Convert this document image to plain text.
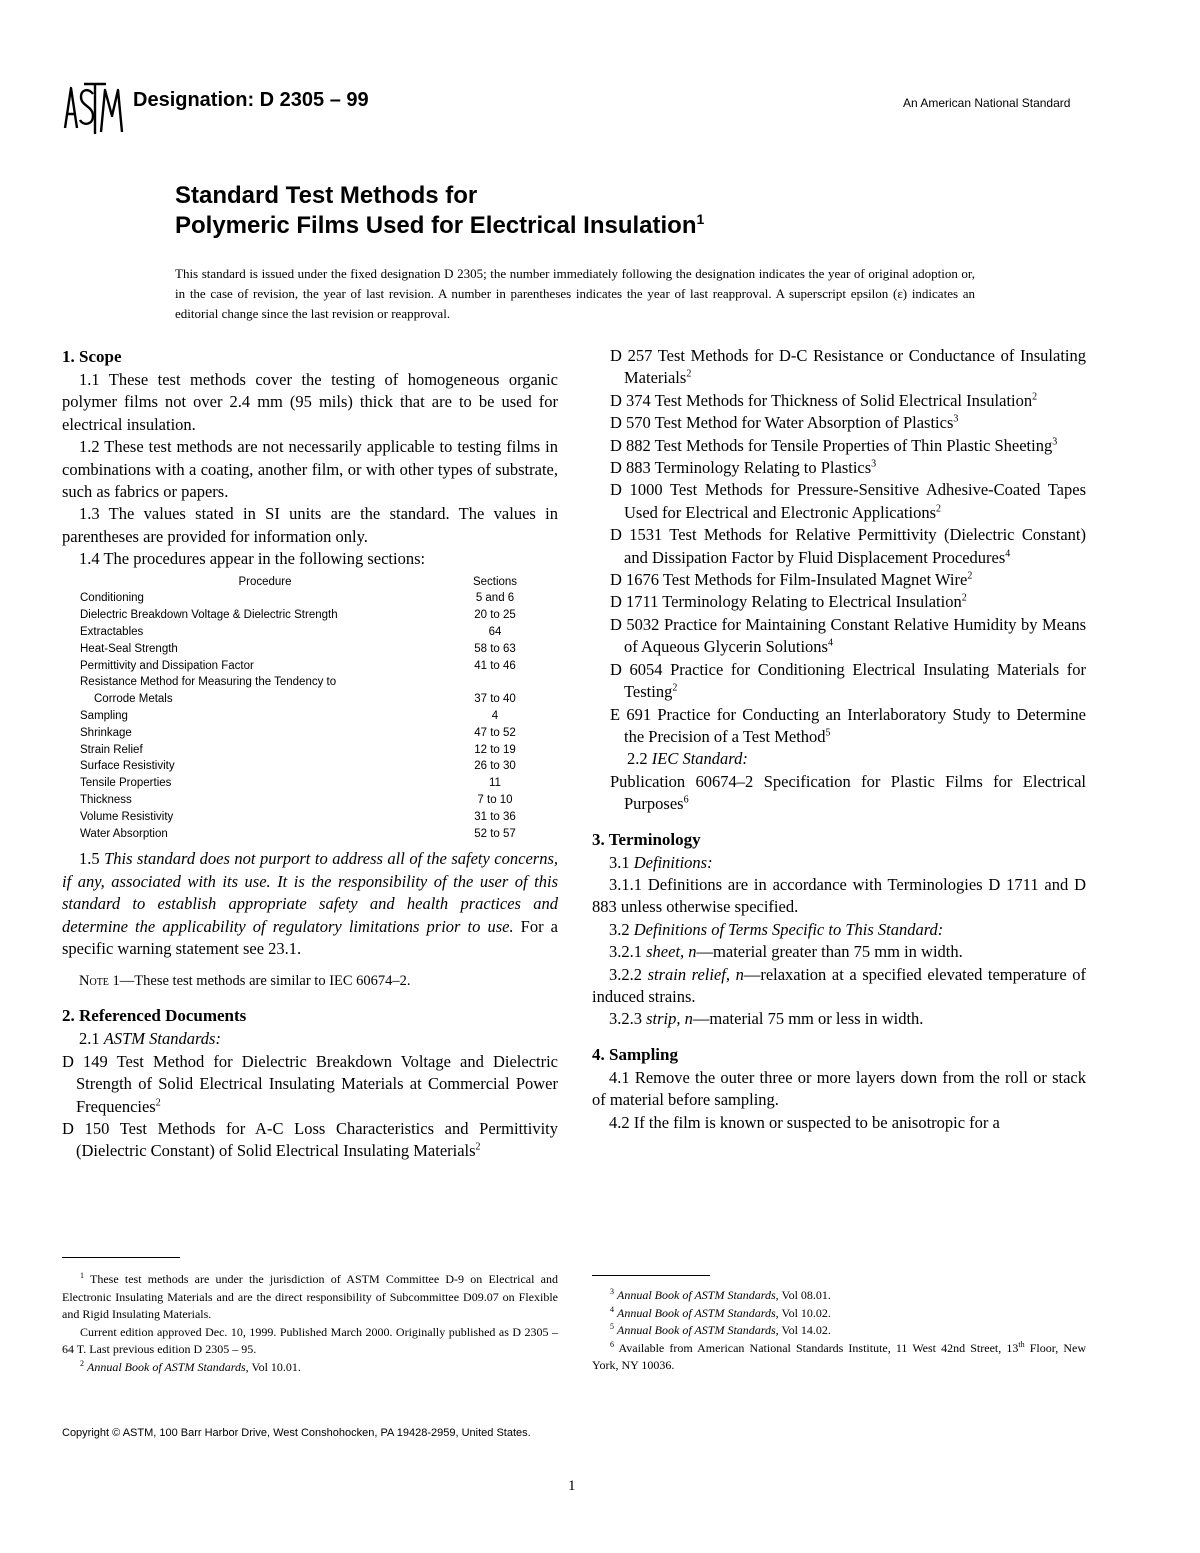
Designation: D 2305 – 99	An American National Standard
Standard Test Methods for
Polymeric Films Used for Electrical Insulation$^1$
This standard is issued under the fixed designation D 2305; the number immediately following the designation indicates the year of original adoption or, in the case of revision, the year of last revision. A number in parentheses indicates the year of last reapproval. A superscript epsilon (ε) indicates an editorial change since the last revision or reapproval.
1. Scope

1.1 These test methods cover the testing of homogeneous organic polymer films not over 2.4 mm (95 mils) thick that are to be used for electrical insulation.

1.2 These test methods are not necessarily applicable to testing films in combinations with a coating, another film, or with other types of substrate, such as fabrics or papers.

1.3 The values stated in SI units are the standard. The values in parentheses are provided for information only.

1.4 The procedures appear in the following sections:

Procedure	Sections
Conditioning	5 and 6
Dielectric Breakdown Voltage & Dielectric Strength	20 to 25
Extractables	64
Heat-Seal Strength	58 to 63
Permittivity and Dissipation Factor	41 to 46
Resistance Method for Measuring the Tendency to	
Corrode Metals	37 to 40
Sampling	4
Shrinkage	47 to 52
Strain Relief	12 to 19
Surface Resistivity	26 to 30
Tensile Properties	11
Thickness	7 to 10
Volume Resistivity	31 to 36
Water Absorption	52 to 57

1.5 This standard does not purport to address all of the safety concerns, if any, associated with its use. It is the responsibility of the user of this standard to establish appropriate safety and health practices and determine the applicability of regulatory limitations prior to use. For a specific warning statement see 23.1.

Note 1—These test methods are similar to IEC 60674–2.

2. Referenced Documents

2.1 ASTM Standards:

D 149 Test Method for Dielectric Breakdown Voltage and Dielectric Strength of Solid Electrical Insulating Materials at Commercial Power Frequencies$^2$

D 150 Test Methods for A-C Loss Characteristics and Permittivity (Dielectric Constant) of Solid Electrical Insulating Materials$^2$

D 257 Test Methods for D-C Resistance or Conductance of Insulating Materials$^2$

D 374 Test Methods for Thickness of Solid Electrical Insulation$^2$

D 570 Test Method for Water Absorption of Plastics$^3$

D 882 Test Methods for Tensile Properties of Thin Plastic Sheeting$^3$

D 883 Terminology Relating to Plastics$^3$

D 1000 Test Methods for Pressure-Sensitive Adhesive-Coated Tapes Used for Electrical and Electronic Applications$^2$

D 1531 Test Methods for Relative Permittivity (Dielectric Constant) and Dissipation Factor by Fluid Displacement Procedures$^4$

D 1676 Test Methods for Film-Insulated Magnet Wire$^2$

D 1711 Terminology Relating to Electrical Insulation$^2$

D 5032 Practice for Maintaining Constant Relative Humidity by Means of Aqueous Glycerin Solutions$^4$

D 6054 Practice for Conditioning Electrical Insulating Materials for Testing$^2$

E 691 Practice for Conducting an Interlaboratory Study to Determine the Precision of a Test Method$^5$

2.2 IEC Standard:

Publication 60674–2 Specification for Plastic Films for Electrical Purposes$^6$

3. Terminology

3.1 Definitions:

3.1.1 Definitions are in accordance with Terminologies D 1711 and D 883 unless otherwise specified.

3.2 Definitions of Terms Specific to This Standard:

3.2.1 sheet, n—material greater than 75 mm in width.

3.2.2 strain relief, n—relaxation at a specified elevated temperature of induced strains.

3.2.3 strip, n—material 75 mm or less in width.

4. Sampling

4.1 Remove the outer three or more layers down from the roll or stack of material before sampling.

4.2 If the film is known or suspected to be anisotropic for a

$^1$ These test methods are under the jurisdiction of ASTM Committee D-9 on Electrical and Electronic Insulating Materials and are the direct responsibility of Subcommittee D09.07 on Flexible and Rigid Insulating Materials.

Current edition approved Dec. 10, 1999. Published March 2000. Originally published as D 2305 – 64 T. Last previous edition D 2305 – 95.

$^2$ Annual Book of ASTM Standards, Vol 10.01.

$^3$ Annual Book of ASTM Standards, Vol 08.01.

$^4$ Annual Book of ASTM Standards, Vol 10.02.

$^5$ Annual Book of ASTM Standards, Vol 14.02.

$^6$ Available from American National Standards Institute, 11 West 42nd Street, 13th Floor, New York, NY 10036.

Copyright © ASTM, 100 Barr Harbor Drive, West Conshohocken, PA 19428-2959, United States.
1
